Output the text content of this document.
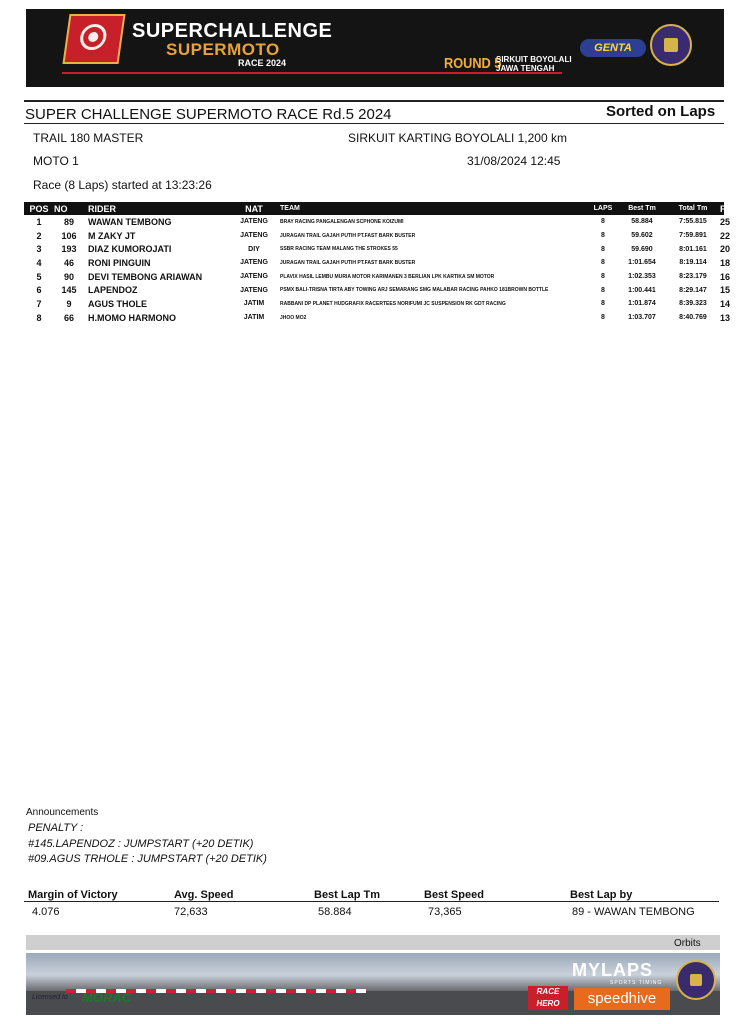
SUPERCHALLENGE
SUPERMOTO
RACE 2024	ROUND 5
SIRKUIT BOYOLALI
JAWA TENGAH
GENTA
SUPER CHALLENGE SUPERMOTO RACE Rd.5 2024	Sorted on Laps
TRAIL 180 MASTER	SIRKUIT KARTING BOYOLALI 1,200 km
MOTO 1	31/08/2024 12:45
Race (8 Laps) started at 13:23:26
POS	NO	RIDER	NAT	TEAM	LAPS	Best Tm	Total Tm	Poin
1	89	WAWAN TEMBONG	JATENG	BRAY RACING PANGALENGAN SCPHONE KOIZUMI	8	58.884	7:55.815	25
2	106	M ZAKY JT	JATENG	JURAGAN TRAIL GAJAH PUTIH PT.FAST BARK BUSTER	8	59.602	7:59.891	22
3	193	DIAZ KUMOROJATI	DIY	SSBR RACING TEAM MALANG THE STROKES 55	8	59.690	8:01.161	20
4	46	RONI PINGUIN	JATENG	JURAGAN TRAIL GAJAH PUTIH PT.FAST BARK BUSTER	8	1:01.654	8:19.114	18
5	90	DEVI TEMBONG ARIAWAN	JATENG	PLAVIX HASIL LEMBU MURIA MOTOR KARIMANEN 3 BERLIAN LPK KARTIKA SM MOTOR	8	1:02.353	8:23.179	16
6	145	LAPENDOZ	JATENG	PSMX BALI-TRISNA TIRTA ABY TOWING ARJ SEMARANG SMG MALABAR RACING PAHKO 181BROWN BOTTLE	8	1:00.441	8:29.147	15
7	9	AGUS THOLE	JATIM	RABBANI DP PLANET HUDGRAFIX RACERTEES NORIFUMI JC SUSPENSION RK GDT RACING	8	1:01.874	8:39.323	14
8	66	H.MOMO HARMONO	JATIM	JHOO MO2	8	1:03.707	8:40.769	13
Announcements
PENALTY :
#145.LAPENDOZ : JUMPSTART (+20 DETIK)
#09.AGUS TRHOLE : JUMPSTART (+20 DETIK)
Margin of Victory	Avg. Speed	Best Lap Tm	Best Speed	Best Lap by
4.076	72,633	58.884	73,365	89 - WAWAN TEMBONG
Orbits
Licensed to MORAC
MYLAPS
SPORTS TIMING
RACE HERO	speedhive
